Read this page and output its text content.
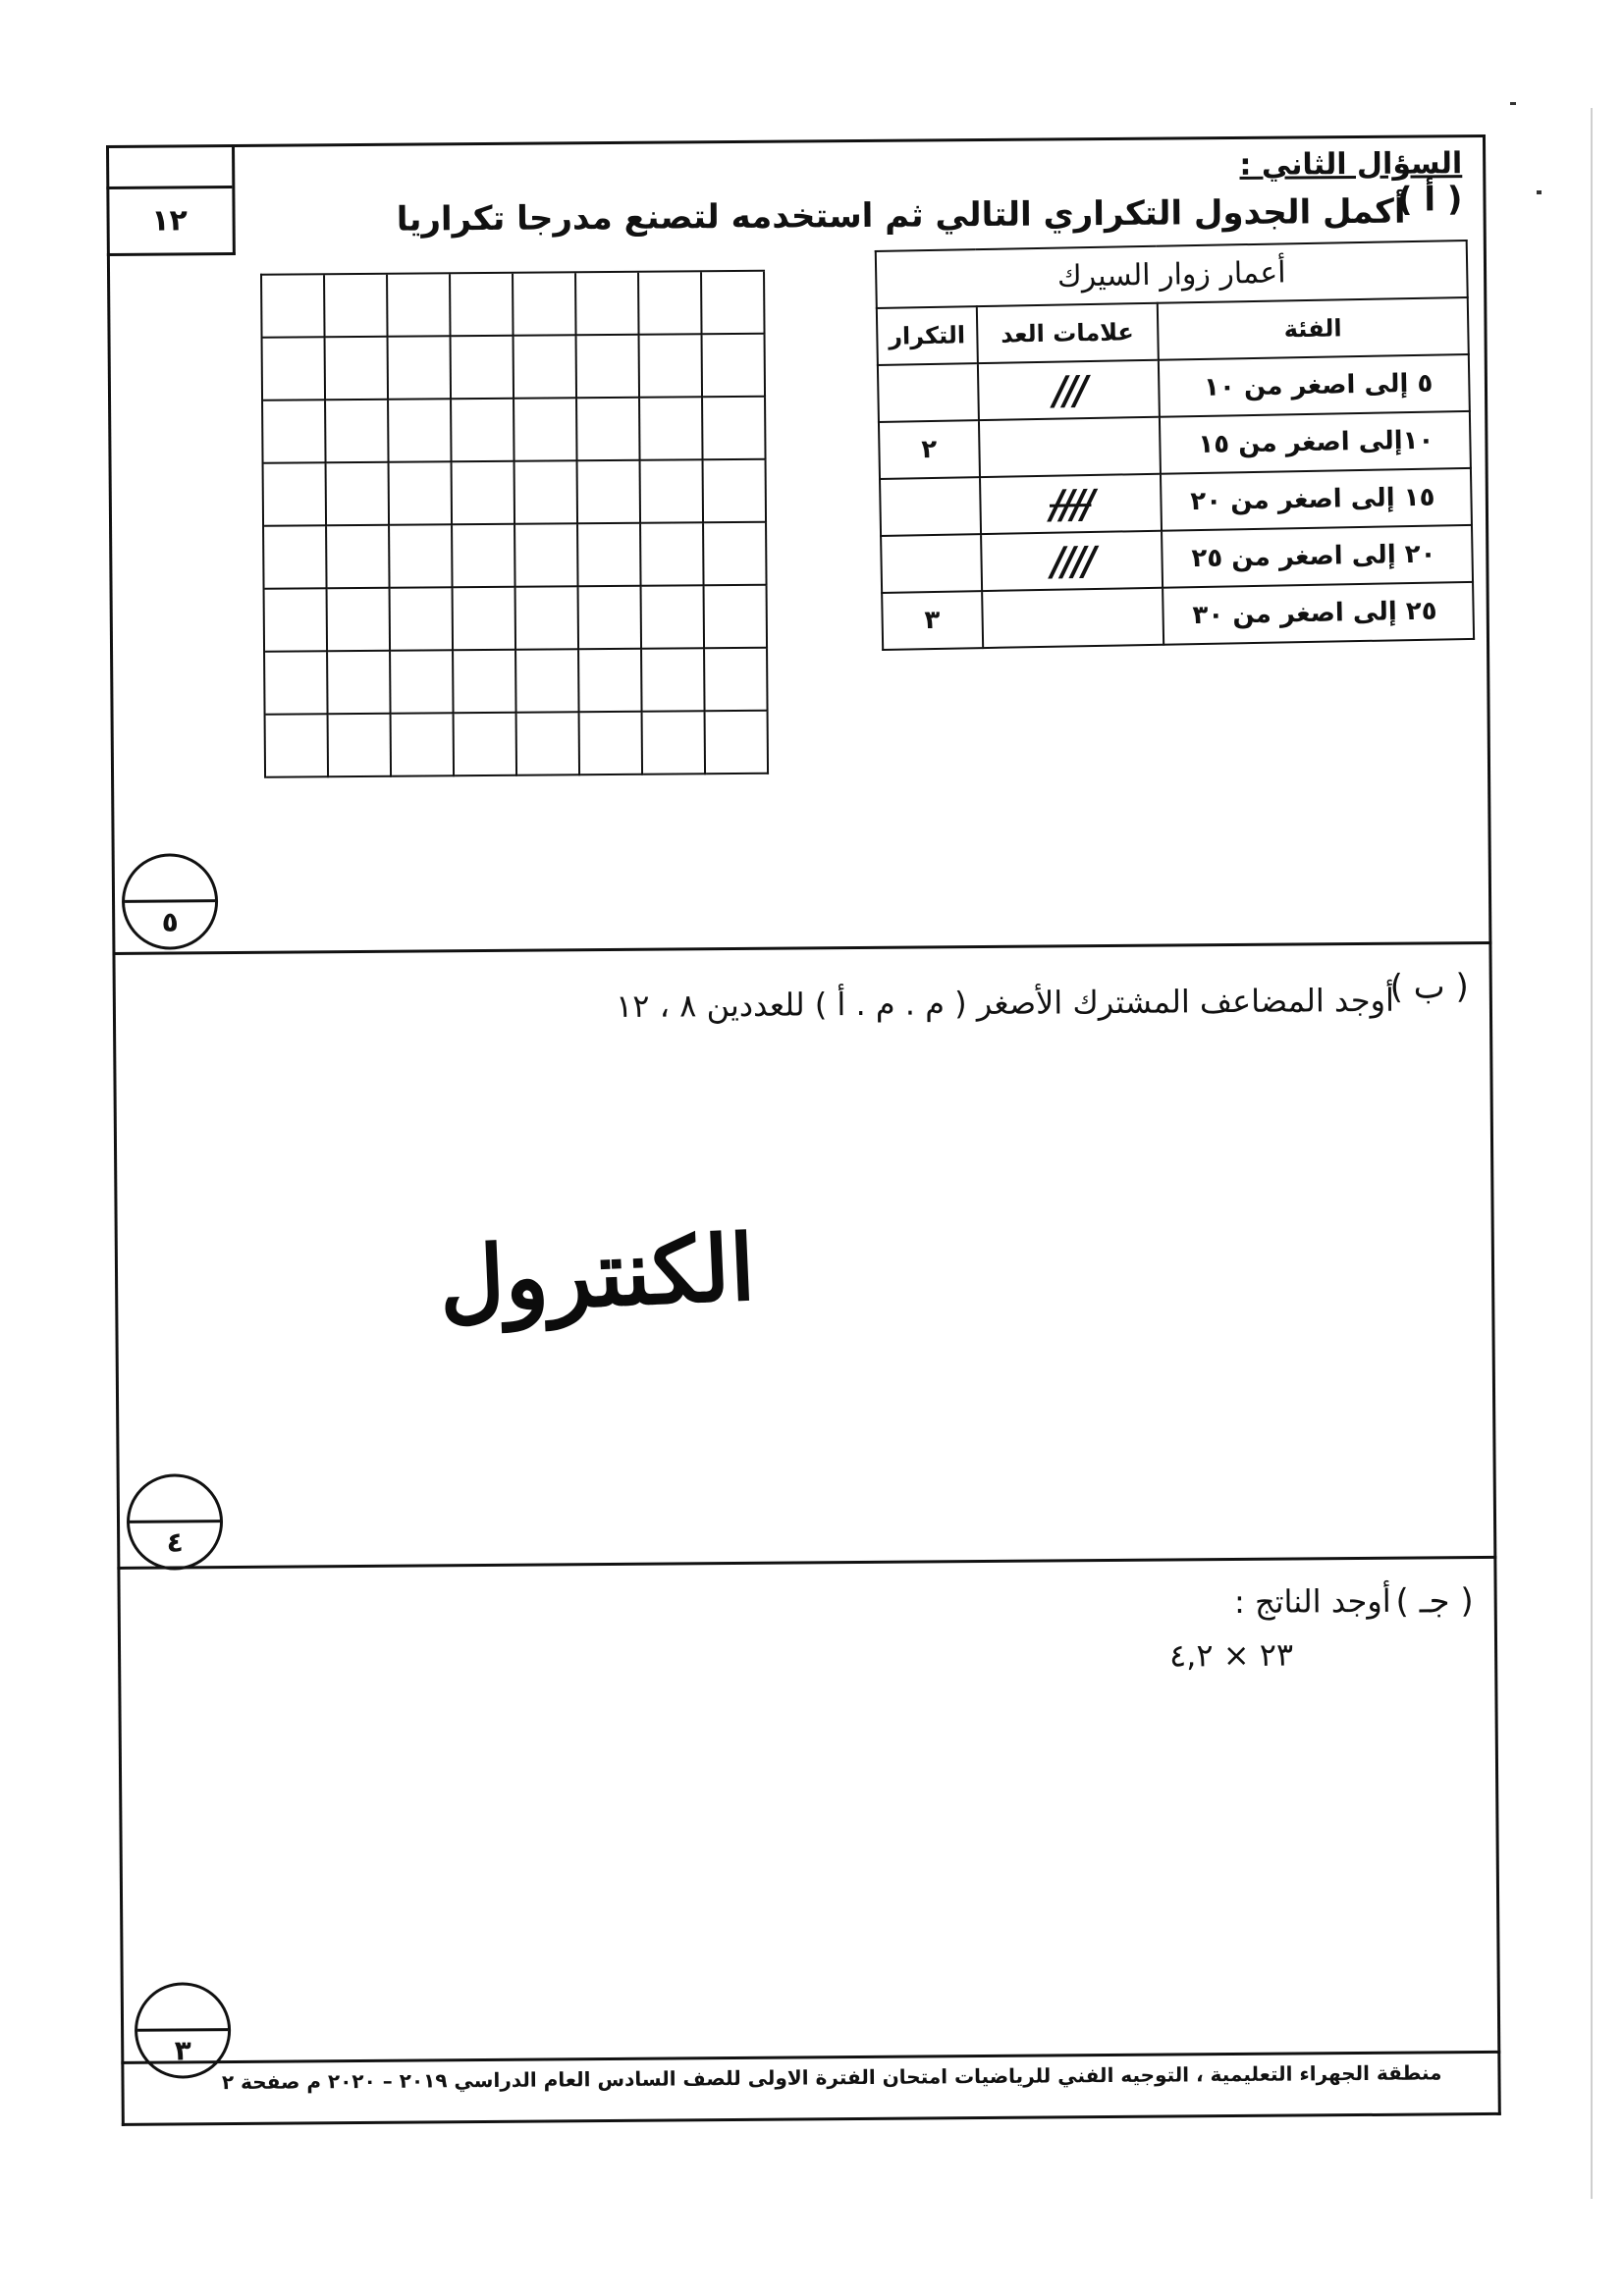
١٢
السؤال الثاني :
( أ )
أكمل الجدول التكراري التالي ثم استخدمه لتصنع مدرجا تكراريا
أعمار زوار السيرك		
الفئة	علامات العد	التكرار
٥ إلى اصغر من ١٠	///	
١٠إلى اصغر من ١٥		٢
١٥ إلى اصغر من ٢٠	////	
٢٠ إلى اصغر من ٢٥	////	
٢٥ إلى اصغر من ٣٠		٣
٥
( ب )
أوجد المضاعف المشترك الأصغر ( م . م . أ ) للعددين ٨ ، ١٢
الكنترول
٤
( جـ )
أوجد الناتج :
٢٣ × ٤,٢
٣
منطقة الجهراء التعليمية ، التوجيه الفني للرياضيات امتحان الفترة الاولى للصف السادس العام الدراسي ٢٠١٩ – ٢٠٢٠ م صفحة ٢
